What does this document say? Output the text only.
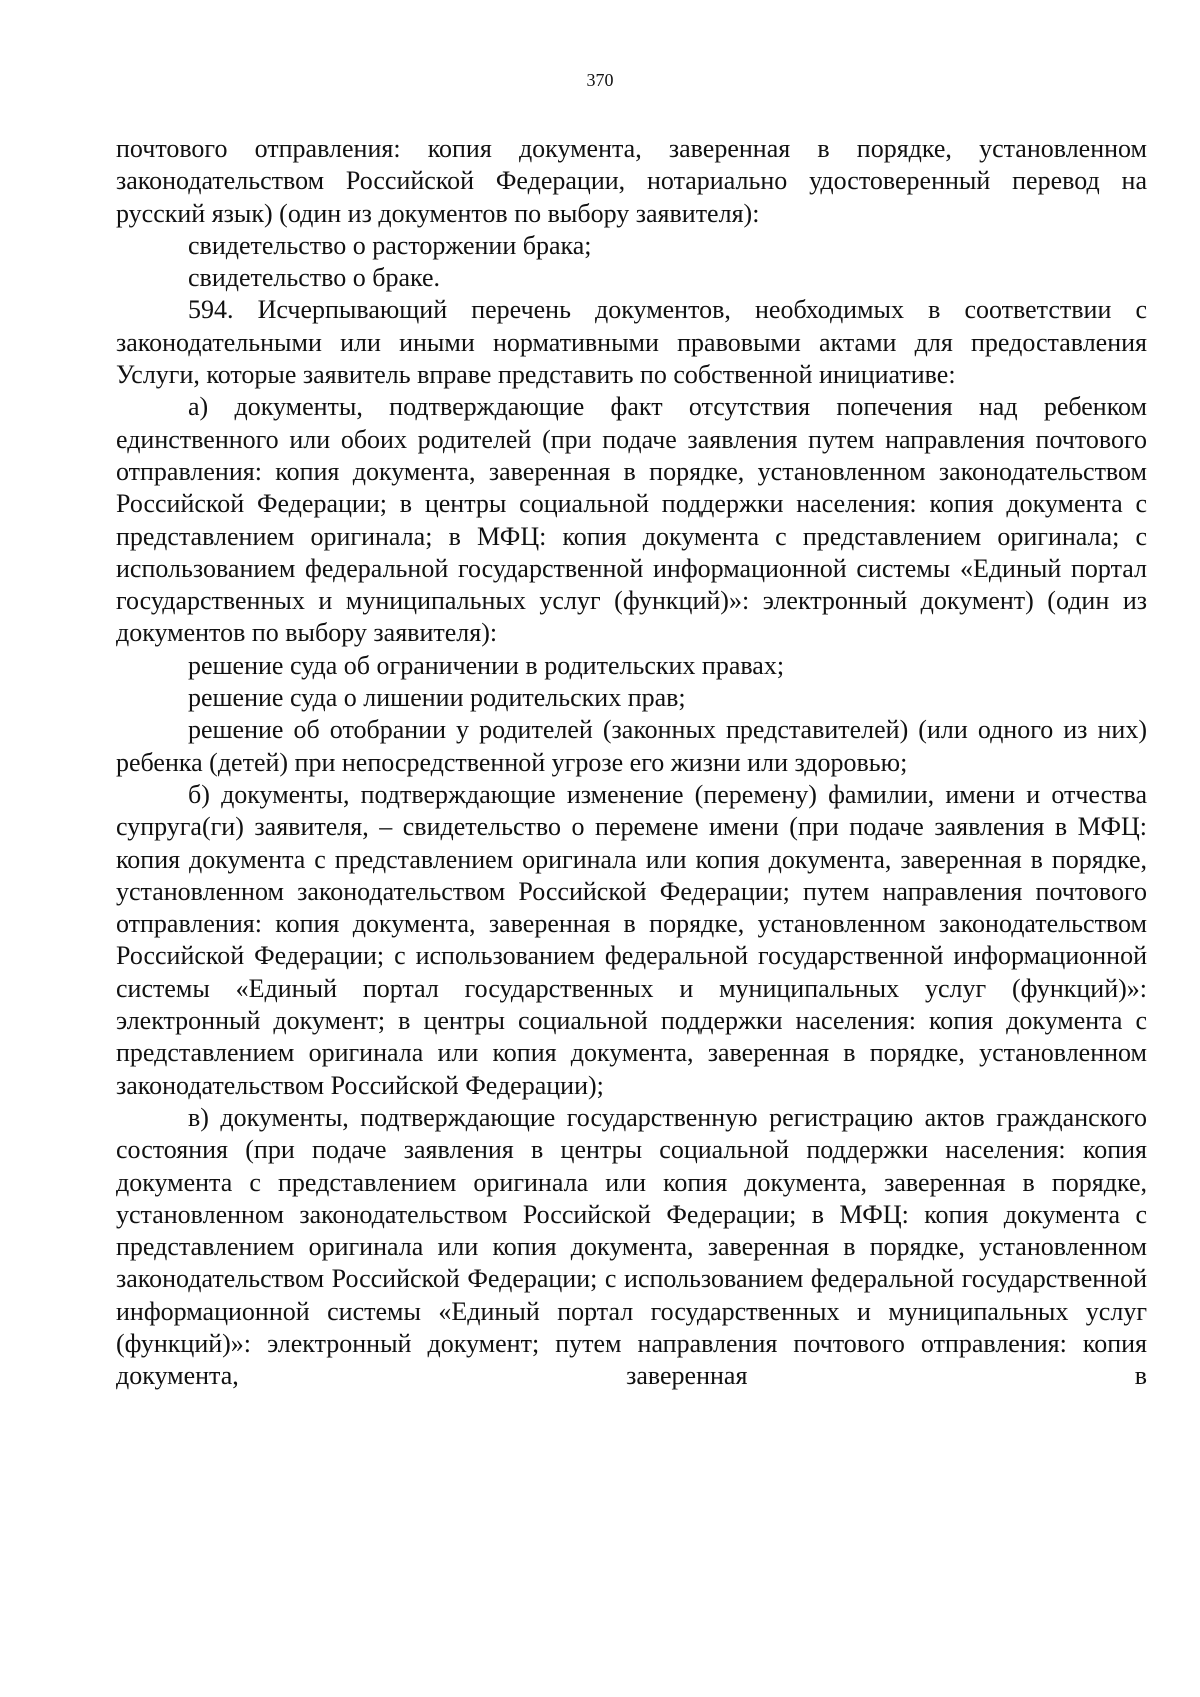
370

почтового отправления: копия документа, заверенная в порядке, установленном законодательством Российской Федерации, нотариально удостоверенный перевод на русский язык) (один из документов по выбору заявителя):

свидетельство о расторжении брака;

свидетельство о браке.

594. Исчерпывающий перечень документов, необходимых в соответствии с законодательными или иными нормативными правовыми актами для предоставления Услуги, которые заявитель вправе представить по собственной инициативе:

а) документы, подтверждающие факт отсутствия попечения над ребенком единственного или обоих родителей (при подаче заявления путем направления почтового отправления: копия документа, заверенная в порядке, установленном законодательством Российской Федерации; в центры социальной поддержки населения: копия документа с представлением оригинала; в МФЦ: копия документа с представлением оригинала; с использованием федеральной государственной информационной системы «Единый портал государственных и муниципальных услуг (функций)»: электронный документ) (один из документов по выбору заявителя):

решение суда об ограничении в родительских правах;

решение суда о лишении родительских прав;

решение об отобрании у родителей (законных представителей) (или одного из них) ребенка (детей) при непосредственной угрозе его жизни или здоровью;

б) документы, подтверждающие изменение (перемену) фамилии, имени и отчества супруга(ги) заявителя, – свидетельство о перемене имени (при подаче заявления в МФЦ: копия документа с представлением оригинала или копия документа, заверенная в порядке, установленном законодательством Российской Федерации; путем направления почтового отправления: копия документа, заверенная в порядке, установленном законодательством Российской Федерации; с использованием федеральной государственной информационной системы «Единый портал государственных и муниципальных услуг (функций)»: электронный документ; в центры социальной поддержки населения: копия документа с представлением оригинала или копия документа, заверенная в порядке, установленном законодательством Российской Федерации);

в) документы, подтверждающие государственную регистрацию актов гражданского состояния (при подаче заявления в центры социальной поддержки населения: копия документа с представлением оригинала или копия документа, заверенная в порядке, установленном законодательством Российской Федерации; в МФЦ: копия документа с представлением оригинала или копия документа, заверенная в порядке, установленном законодательством Российской Федерации; с использованием федеральной государственной информационной системы «Единый портал государственных и муниципальных услуг (функций)»: электронный документ; путем направления почтового отправления: копия документа, заверенная в
